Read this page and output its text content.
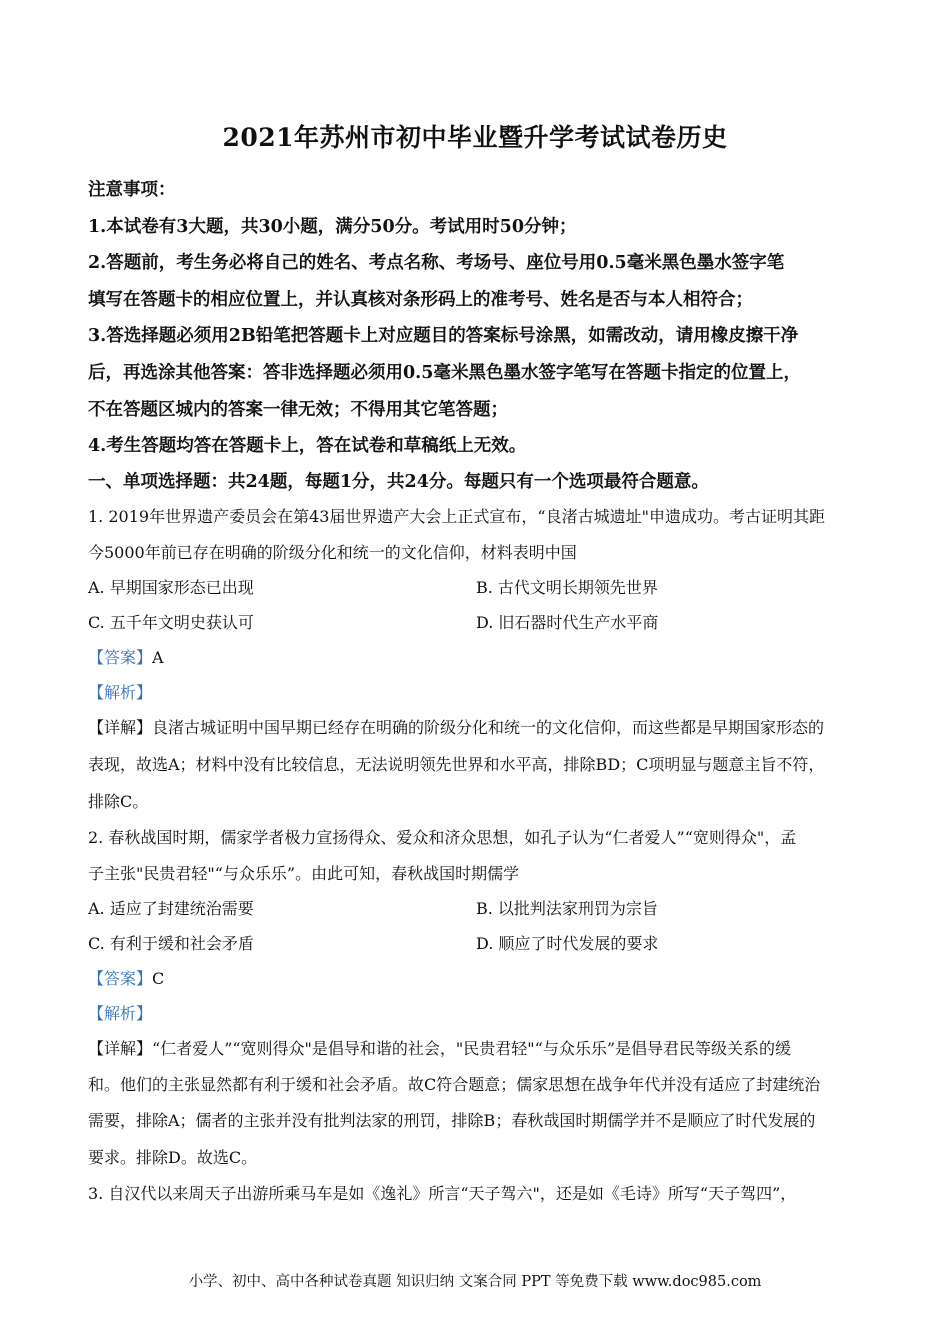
2021年苏州市初中毕业暨升学考试试卷历史
注意事项：
1.本试卷有3大题，共30小题，满分50分。考试用时50分钟；
2.答题前，考生务必将自己的姓名、考点名称、考场号、座位号用0.5毫米黑色墨水签字笔
填写在答题卡的相应位置上，并认真核对条形码上的准考号、姓名是否与本人相符合；
3.答选择题必须用2B铅笔把答题卡上对应题目的答案标号涂黑，如需改动，请用橡皮擦干净
后，再选涂其他答案：答非选择题必须用0.5毫米黑色墨水签字笔写在答题卡指定的位置上，
不在答题区城内的答案一律无效；不得用其它笔答题；
4.考生答题均答在答题卡上，答在试卷和草稿纸上无效。
一、单项选择题：共24题，每题1分，共24分。每题只有一个选项最符合题意。
1. 2019年世界遗产委员会在第43届世界遗产大会上正式宣布，“良渚古城遗址"申遗成功。考古证明其距
今5000年前已存在明确的阶级分化和统一的文化信仰，材料表明中国
A. 早期国家形态已出现	B. 古代文明长期领先世界
C. 五千年文明史获认可	D. 旧石器时代生产水平商
【答案】A
【解析】
【详解】良渚古城证明中国早期已经存在明确的阶级分化和统一的文化信仰，而这些都是早期国家形态的
表现，故选A；材料中没有比较信息，无法说明领先世界和水平高，排除BD；C项明显与题意主旨不符，
排除C。
2. 春秋战国时期，儒家学者极力宣扬得众、爱众和济众思想，如孔子认为“仁者爱人”“宽则得众"，孟
子主张"民贵君轻"“与众乐乐”。由此可知，春秋战国时期儒学
A. 适应了封建统治需要	B. 以批判法家刑罚为宗旨
C. 有利于缓和社会矛盾	D. 顺应了时代发展的要求
【答案】C
【解析】
【详解】“仁者爱人”“宽则得众"是倡导和谐的社会，"民贵君轻"“与众乐乐”是倡导君民等级关系的缓
和。他们的主张显然都有利于缓和社会矛盾。故C符合题意；儒家思想在战争年代并没有适应了封建统治
需要，排除A；儒者的主张并没有批判法家的刑罚，排除B；春秋哉国时期儒学并不是顺应了时代发展的
要求。排除D。故选C。
3. 自汉代以来周天子出游所乘马车是如《逸礼》所言“天子驾六"，还是如《毛诗》所写“天子驾四”，
小学、初中、高中各种试卷真题 知识归纳 文案合同 PPT 等免费下载 www.doc985.com
